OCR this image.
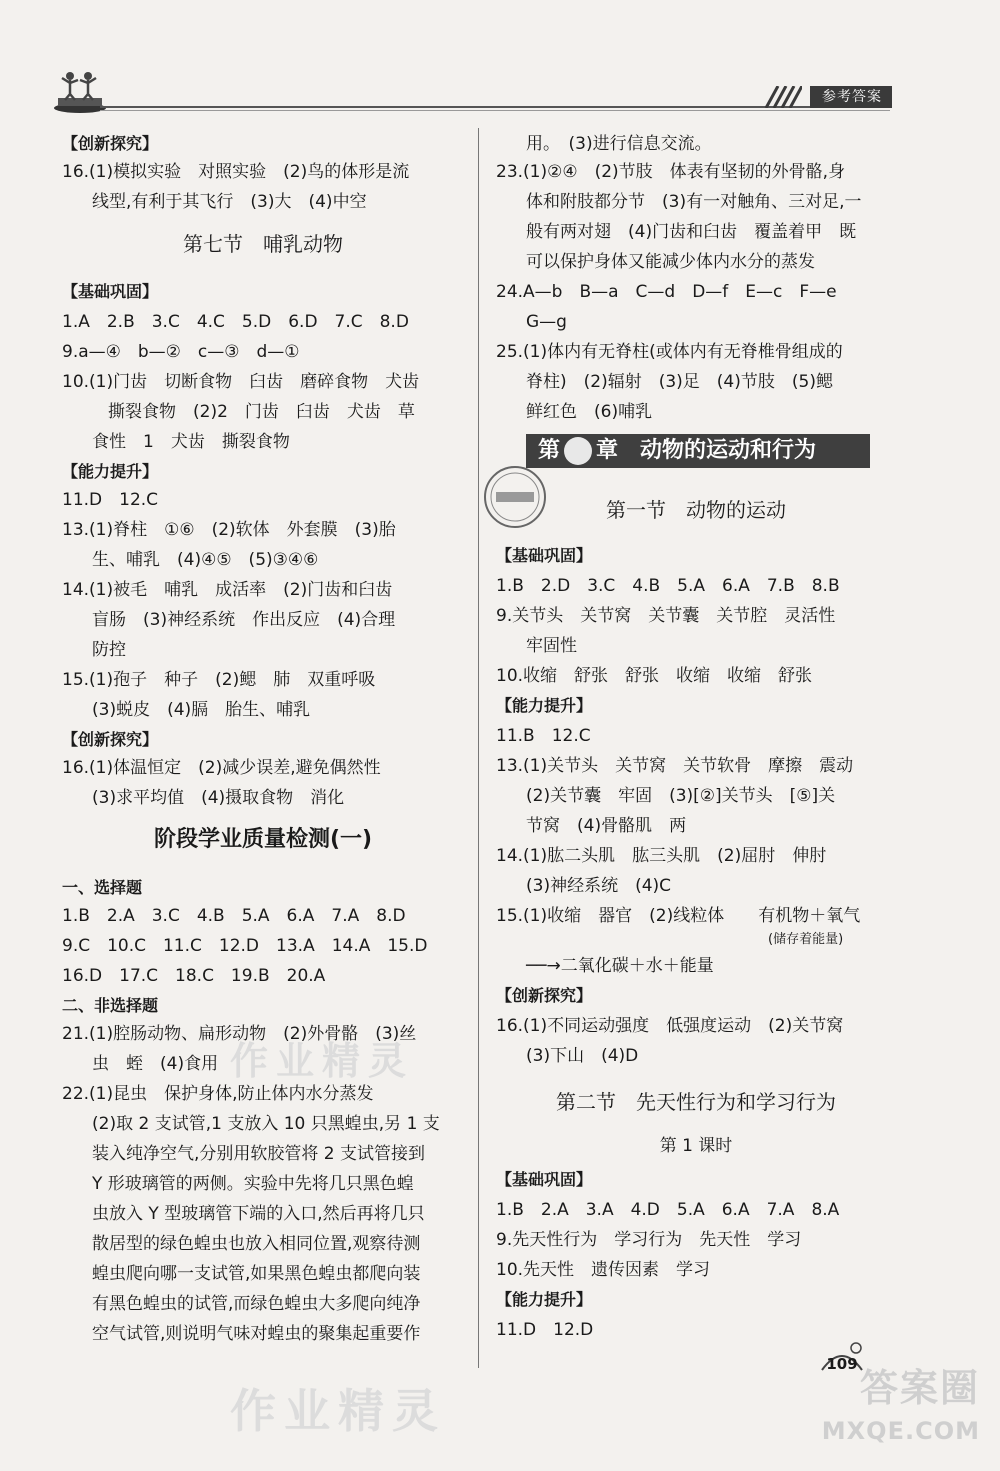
参考答案
作业精灵
作业精灵
【创新探究】
16.(1)模拟实验　对照实验　(2)鸟的体形是流
线型,有利于其飞行　(3)大　(4)中空
第七节　哺乳动物
【基础巩固】
1.A　2.B　3.C　4.C　5.D　6.D　7.C　8.D
9.a—④　b—②　c—③　d—①
10.(1)门齿　切断食物　臼齿　磨碎食物　犬齿
撕裂食物　(2)2　门齿　臼齿　犬齿　草
食性　1　犬齿　撕裂食物
【能力提升】
11.D　12.C
13.(1)脊柱　①⑥　(2)软体　外套膜　(3)胎
生、哺乳　(4)④⑤　(5)③④⑥
14.(1)被毛　哺乳　成活率　(2)门齿和臼齿
盲肠　(3)神经系统　作出反应　(4)合理
防控
15.(1)孢子　种子　(2)鳃　肺　双重呼吸
(3)蜕皮　(4)膈　胎生、哺乳
【创新探究】
16.(1)体温恒定　(2)减少误差,避免偶然性
(3)求平均值　(4)摄取食物　消化
阶段学业质量检测(一)
一、选择题
1.B　2.A　3.C　4.B　5.A　6.A　7.A　8.D
9.C　10.C　11.C　12.D　13.A　14.A　15.D
16.D　17.C　18.C　19.B　20.A
二、非选择题
21.(1)腔肠动物、扁形动物　(2)外骨骼　(3)丝
虫　蛭　(4)食用
22.(1)昆虫　保护身体,防止体内水分蒸发
(2)取 2 支试管,1 支放入 10 只黑蝗虫,另 1 支
装入纯净空气,分别用软胶管将 2 支试管接到
Y 形玻璃管的两侧。实验中先将几只黑色蝗
虫放入 Y 型玻璃管下端的入口,然后再将几只
散居型的绿色蝗虫也放入相同位置,观察待测
蝗虫爬向哪一支试管,如果黑色蝗虫都爬向装
有黑色蝗虫的试管,而绿色蝗虫大多爬向纯净
空气试管,则说明气味对蝗虫的聚集起重要作
用。　(3)进行信息交流。
23.(1)②④　(2)节肢　体表有坚韧的外骨骼,身
体和附肢都分节　(3)有一对触角、三对足,一
般有两对翅　(4)门齿和臼齿　覆盖着甲　既
可以保护身体又能减少体内水分的蒸发
24.A—b　B—a　C—d　D—f　E—c　F—e
G—g
25.(1)体内有无脊柱(或体内有无脊椎骨组成的
脊柱)　(2)辐射　(3)足　(4)节肢　(5)鳃
鲜红色　(6)哺乳
第 章　动物的运动和行为
第一节　动物的运动
【基础巩固】
1.B　2.D　3.C　4.B　5.A　6.A　7.B　8.B
9.关节头　关节窝　关节囊　关节腔　灵活性
牢固性
10.收缩　舒张　舒张　收缩　收缩　舒张
【能力提升】
11.B　12.C
13.(1)关节头　关节窝　关节软骨　摩擦　震动
(2)关节囊　牢固　(3)[②]关节头　[⑤]关
节窝　(4)骨骼肌　两
14.(1)肱二头肌　肱三头肌　(2)屈肘　伸肘
(3)神经系统　(4)C
15.(1)收缩　器官　(2)线粒体　　有机物＋氧气
(储存着能量)
──→二氧化碳＋水＋能量
【创新探究】
16.(1)不同运动强度　低强度运动　(2)关节窝
(3)下山　(4)D
第二节　先天性行为和学习行为
第 1 课时
【基础巩固】
1.B　2.A　3.A　4.D　5.A　6.A　7.A　8.A
9.先天性行为　学习行为　先天性　学习
10.先天性　遗传因素　学习
【能力提升】
11.D　12.D
109
答案圈
MXQE.COM
